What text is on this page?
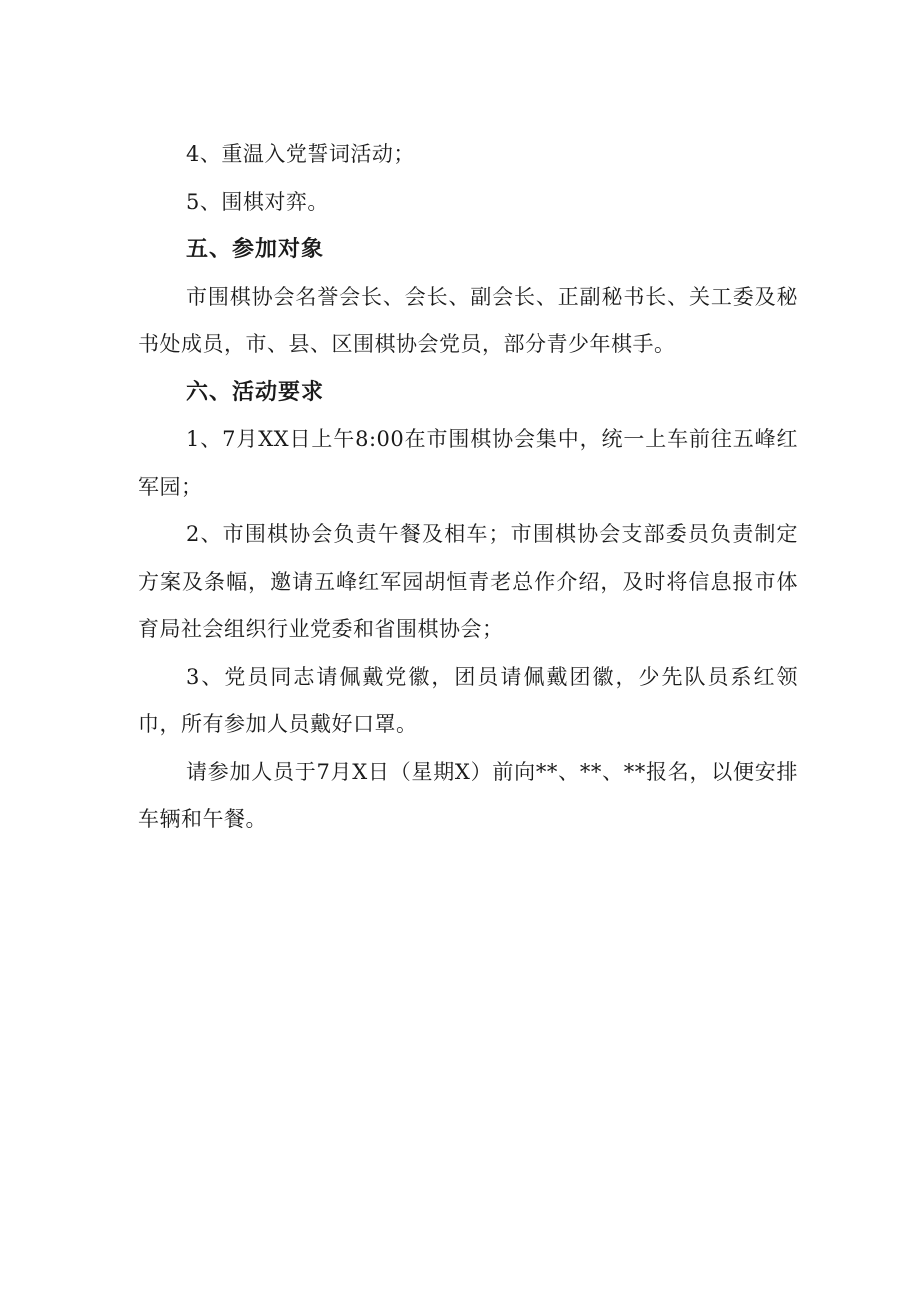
4、重温入党誓词活动；

5、围棋对弈。

五、参加对象

市围棋协会名誉会长、会长、副会长、正副秘书长、关工委及秘书处成员，市、县、区围棋协会党员，部分青少年棋手。

六、活动要求

1、7月XX日上午8:00在市围棋协会集中，统一上车前往五峰红军园；

2、市围棋协会负责午餐及相车；市围棋协会支部委员负责制定方案及条幅，邀请五峰红军园胡恒青老总作介绍，及时将信息报市体育局社会组织行业党委和省围棋协会；

3、党员同志请佩戴党徽，团员请佩戴团徽，少先队员系红领巾，所有参加人员戴好口罩。

请参加人员于7月X日（星期X）前向**、**、**报名，以便安排车辆和午餐。
